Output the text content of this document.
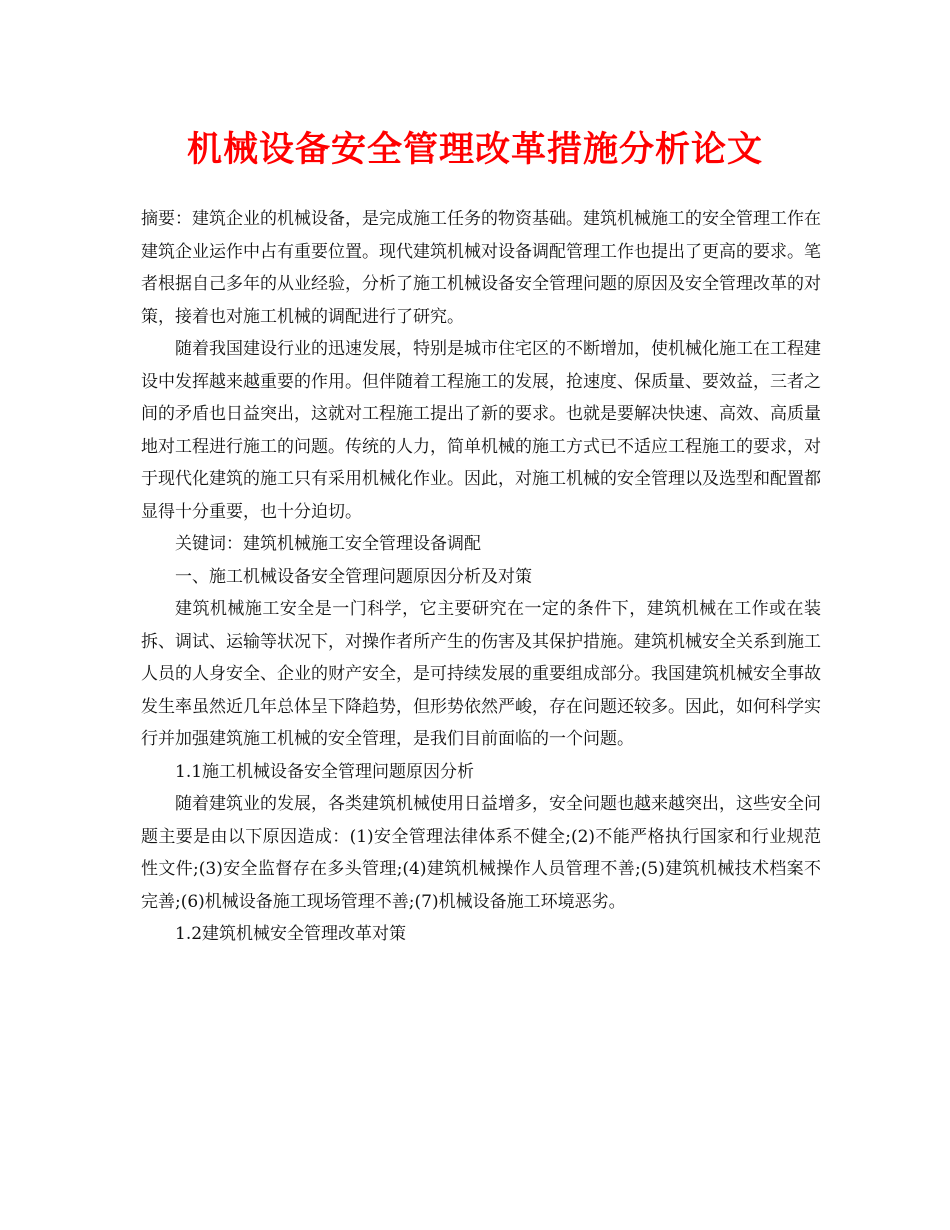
机械设备安全管理改革措施分析论文

摘要：建筑企业的机械设备，是完成施工任务的物资基础。建筑机械施工的安全管理工作在建筑企业运作中占有重要位置。现代建筑机械对设备调配管理工作也提出了更高的要求。笔者根据自己多年的从业经验，分析了施工机械设备安全管理问题的原因及安全管理改革的对策，接着也对施工机械的调配进行了研究。

随着我国建设行业的迅速发展，特别是城市住宅区的不断增加，使机械化施工在工程建设中发挥越来越重要的作用。但伴随着工程施工的发展，抢速度、保质量、要效益，三者之间的矛盾也日益突出，这就对工程施工提出了新的要求。也就是要解决快速、高效、高质量地对工程进行施工的问题。传统的人力，简单机械的施工方式已不适应工程施工的要求，对于现代化建筑的施工只有采用机械化作业。因此，对施工机械的安全管理以及选型和配置都显得十分重要，也十分迫切。

关键词：建筑机械施工安全管理设备调配

一、施工机械设备安全管理问题原因分析及对策

建筑机械施工安全是一门科学，它主要研究在一定的条件下，建筑机械在工作或在装拆、调试、运输等状况下，对操作者所产生的伤害及其保护措施。建筑机械安全关系到施工人员的人身安全、企业的财产安全，是可持续发展的重要组成部分。我国建筑机械安全事故发生率虽然近几年总体呈下降趋势，但形势依然严峻，存在问题还较多。因此，如何科学实行并加强建筑施工机械的安全管理，是我们目前面临的一个问题。

1.1施工机械设备安全管理问题原因分析

随着建筑业的发展，各类建筑机械使用日益增多，安全问题也越来越突出，这些安全问题主要是由以下原因造成：(1)安全管理法律体系不健全;(2)不能严格执行国家和行业规范性文件;(3)安全监督存在多头管理;(4)建筑机械操作人员管理不善;(5)建筑机械技术档案不完善;(6)机械设备施工现场管理不善;(7)机械设备施工环境恶劣。

1.2建筑机械安全管理改革对策
